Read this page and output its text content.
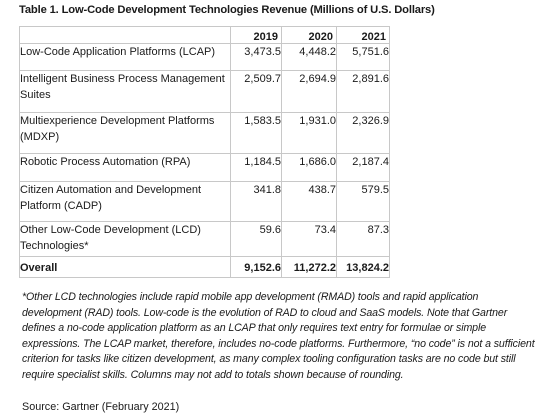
Table 1. Low-Code Development Technologies Revenue (Millions of U.S. Dollars)
	2019	2020	2021
Low-Code Application Platforms (LCAP)	3,473.5	4,448.2	5,751.6
Intelligent Business Process Management Suites	2,509.7	2,694.9	2,891.6
Multiexperience Development Platforms (MDXP)	1,583.5	1,931.0	2,326.9
Robotic Process Automation (RPA)	1,184.5	1,686.0	2,187.4
Citizen Automation and Development Platform (CADP)	341.8	438.7	579.5
Other Low-Code Development (LCD) Technologies*	59.6	73.4	87.3
Overall	9,152.6	11,272.2	13,824.2
*Other LCD technologies include rapid mobile app development (RMAD) tools and rapid application development (RAD) tools. Low-code is the evolution of RAD to cloud and SaaS models. Note that Gartner defines a no-code application platform as an LCAP that only requires text entry for formulae or simple expressions. The LCAP market, therefore, includes no-code platforms. Furthermore, “no code” is not a sufficient criterion for tasks like citizen development, as many complex tooling configuration tasks are no code but still require specialist skills. Columns may not add to totals shown because of rounding.
Source: Gartner (February 2021)
